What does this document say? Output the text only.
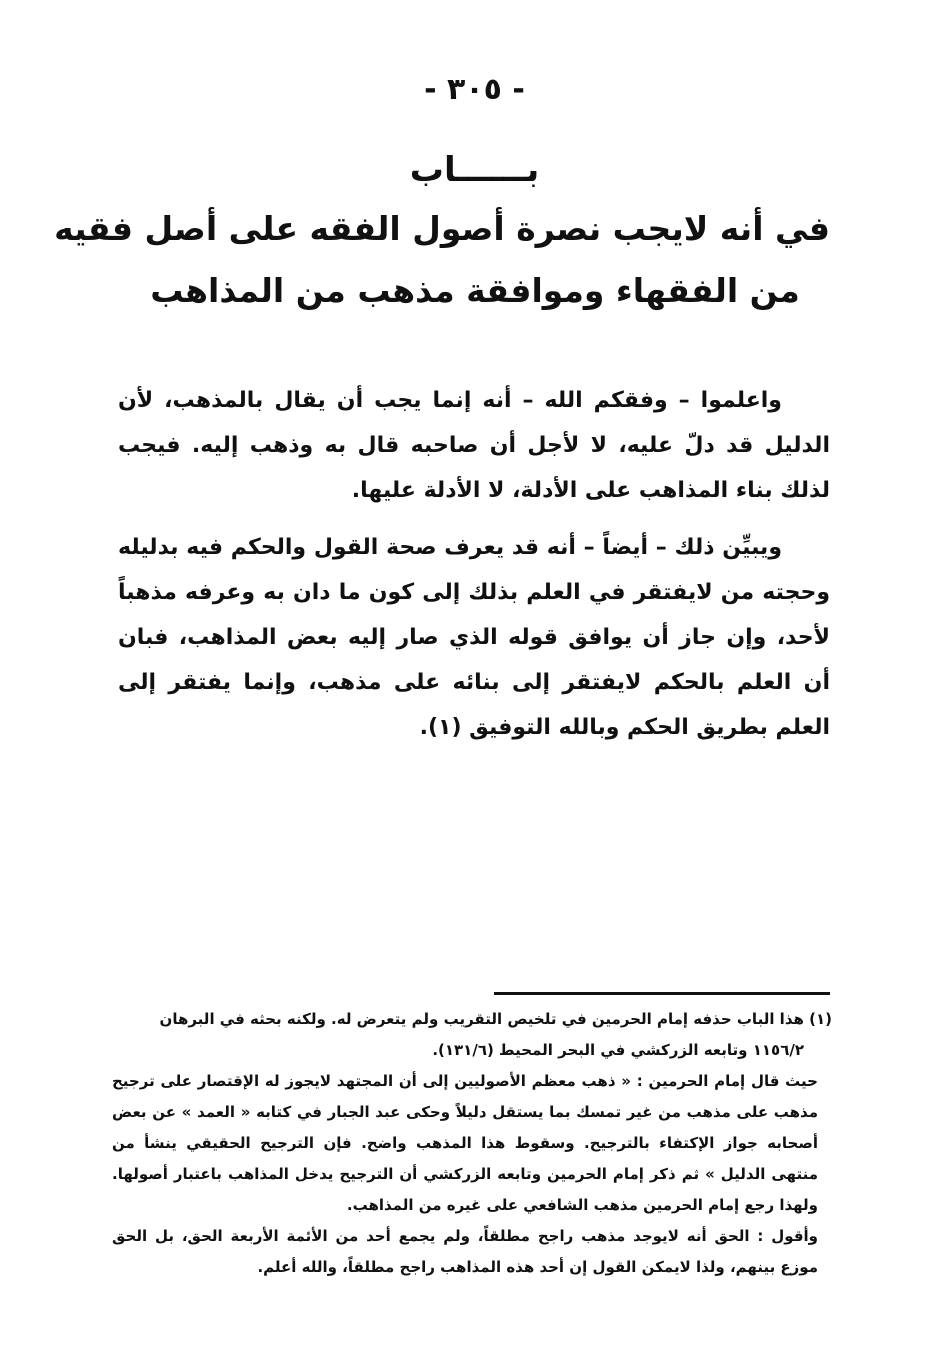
- ٣٠٥ -
بــــــاب
في أنه لايجب نصرة أصول الفقه على أصل فقيه
من الفقهاء وموافقة مذهب من المذاهب

واعلموا – وفقكم الله – أنه إنما يجب أن يقال بالمذهب، لأن الدليل قد دلّ عليه، لا لأجل أن صاحبه قال به وذهب إليه. فيجب لذلك بناء المذاهب على الأدلة، لا الأدلة عليها.

ويبيِّن ذلك – أيضاً – أنه قد يعرف صحة القول والحكم فيه بدليله وحجته من لايفتقر في العلم بذلك إلى كون ما دان به وعرفه مذهباً لأحد، وإن جاز أن يوافق قوله الذي صار إليه بعض المذاهب، فبان أن العلم بالحكم لايفتقر إلى بنائه على مذهب، وإنما يفتقر إلى العلم بطريق الحكم وبالله التوفيق (١).

(١) هذا الباب حذفه إمام الحرمين في تلخيص التقريب ولم يتعرض له. ولكنه بحثه في البرهان

١١٥٦/٢ وتابعه الزركشي في البحر المحيط (١٣١/٦).

حيث قال إمام الحرمين : « ذهب معظم الأصوليين إلى أن المجتهد لايجوز له الإقتصار على ترجيح مذهب على مذهب من غير تمسك بما يستقل دليلاً وحكى عبد الجبار في كتابه « العمد » عن بعض أصحابه جواز الإكتفاء بالترجيح. وسقوط هذا المذهب واضح. فإن الترجيح الحقيقي ينشأ من منتهى الدليل » ثم ذكر إمام الحرمين وتابعه الزركشي أن الترجيح يدخل المذاهب باعتبار أصولها. ولهذا رجع إمام الحرمين مذهب الشافعي على غيره من المذاهب.

وأقول : الحق أنه لايوجد مذهب راجح مطلقاً، ولم يجمع أحد من الأئمة الأربعة الحق، بل الحق موزع بينهم، ولذا لايمكن القول إن أحد هذه المذاهب راجح مطلقاً، والله أعلم.
